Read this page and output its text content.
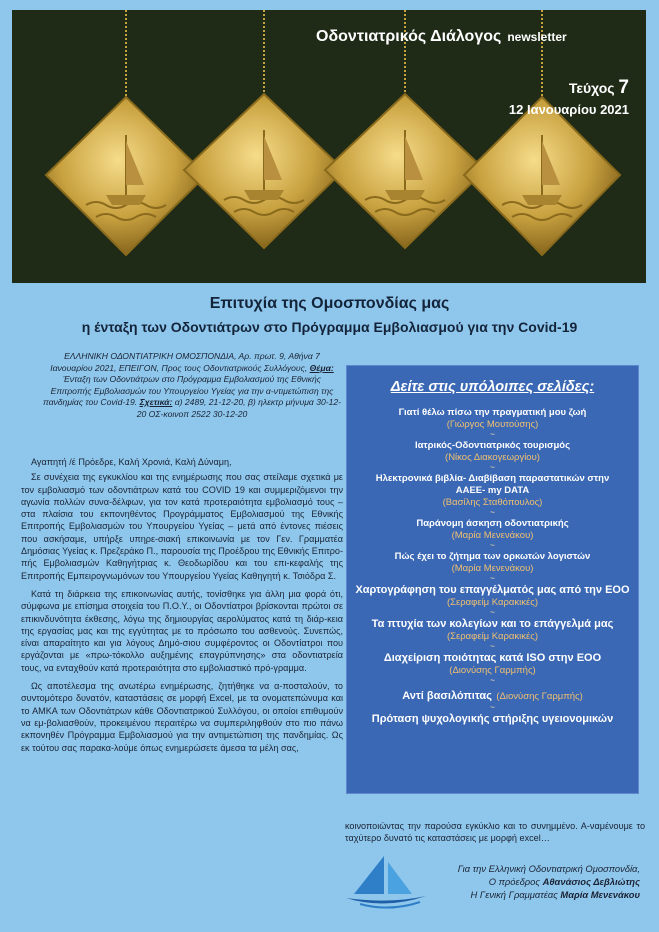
Οδοντιατρικός Διάλογος newsletter
Τεύχος 7
12 Ιανουαρίου 2021
Επιτυχία της Ομοσπονδίας μας
η ένταξη των Οδοντιάτρων στο Πρόγραμμα Εμβολιασμού για την Covid-19
ΕΛΛΗΝΙΚΗ ΟΔΟΝΤΙΑΤΡΙΚΗ ΟΜΟΣΠΟΝΔΙΑ, Αρ. πρωτ. 9, Αθήνα 7 Ιανουαρίου 2021, ΕΠΕΙΓΟΝ, Προς τους Οδοντιατρικούς Συλλόγους, Θέμα: Ένταξη των Οδοντιάτρων στο Πρόγραμμα Εμβολιασμού της Εθνικής Επιτροπής Εμβολιασμών του Υπουργείου Υγείας για την α-ντιμετώπιση της πανδημίας του Covid-19. Σχετικά: α) 2489, 21-12-20, β) ηλεκτρ μήνυμα 30-12-20 ΟΣ-κοινοπ 2522 30-12-20

Αγαπητή /έ Πρόεδρε, Καλή Χρονιά, Καλή Δύναμη,

Σε συνέχεια της εγκυκλίου και της ενημέρωσης που σας στείλαμε σχετικά με τον εμβολιασμό των οδοντιάτρων κατά του COVID 19 και συμμεριζόμενοι την αγωνία πολλών συνα-δέλφων, για τον κατά προτεραιότητα εμβολιασμό τους – στα πλαίσια του εκπονηθέντος Προγράμματος Εμβολιασμού της Εθνικής Επιτροπής Εμβολιασμών του Υπουργείου Υγείας – μετά από έντονες πιέσεις που ασκήσαμε, υπήρξε υπηρε-σιακή επικοινωνία με τον Γεν. Γραμματέα Δημόσιας Υγείας κ. Πρεζεράκο Π., παρουσία της Προέδρου της Εθνικής Επιτρο-πής Εμβολιασμών Καθηγήτριας κ. Θεοδωρίδου και του επι-κεφαλής της Επιτροπής Εμπειρογνωμόνων του Υπουργείου Υγείας Καθηγητή κ. Τσιόδρα Σ.

Κατά τη διάρκεια της επικοινωνίας αυτής, τονίσθηκε για άλλη μια φορά ότι, σύμφωνα με επίσημα στοιχεία του Π.Ο.Υ., οι Οδοντίατροι βρίσκονται πρώτοι σε επικινδυνότητα έκθεσης, λόγω της δημιουργίας αερολύματος κατά τη διάρ-κεια της εργασίας μας και της εγγύτητας με το πρόσωπο του ασθενούς. Συνεπώς, είναι απαραίτητο και για λόγους Δημό-σιου συμφέροντος οι Οδοντίατροι που εργάζονται με «πρω-τόκολλο αυξημένης επαγρύπνησης» στα οδοντιατρεία τους, να ενταχθούν κατά προτεραιότητα στο εμβολιαστικό πρό-γραμμα.

Ως αποτέλεσμα της ανωτέρω ενημέρωσης, ζητήθηκε να α-ποσταλούν, το συντομότερο δυνατόν, καταστάσεις σε μορφή Excel, με τα ονοματεπώνυμα και το ΑΜΚΑ των Οδοντιάτρων κάθε Οδοντιατρικού Συλλόγου, οι οποίοι επιθυμούν να εμ-βολιασθούν, προκειμένου περαιτέρω να συμπεριληφθούν στο πιο πάνω εκπονηθέν Πρόγραμμα Εμβολιασμού για την αντιμετώπιση της πανδημίας. Ως εκ τούτου σας παρακα-λούμε όπως ενημερώσετε άμεσα τα μέλη σας,

Δείτε στις υπόλοιπες σελίδες:
Γιατί θέλω πίσω την πραγματική μου ζωή
(Γιώργος Μουτούσης)
~
Ιατρικός-Οδοντιατρικός τουρισμός
(Νίκος Διακογεωργίου)
~
Ηλεκτρονικά βιβλία- Διαβίβαση παραστατικών στην ΑΑΕΕ- my DATA
(Βασίλης Σταθόπουλος)
~
Παράνομη άσκηση οδοντιατρικής
(Μαρία Μενενάκου)
~
Πώς έχει το ζήτημα των ορκωτών λογιστών
(Μαρία Μενενάκου)
~
Χαρτογράφηση του επαγγέλματός μας από την ΕΟΟ
(Σεραφείμ Καρακικές)
~
Τα πτυχία των κολεγίων και το επάγγελμά μας
(Σεραφείμ Καρακικές)
~
Διαχείριση ποιότητας κατά ISO στην ΕΟΟ
(Διονύσης Γαρμπής)
~
Αντί βασιλόπιτας (Διονύσης Γαρμπής)
~
Πρόταση ψυχολογικής στήριξης υγειονομικών
κοινοποιώντας την παρούσα εγκύκλιο και το συνημμένο. Α-ναμένουμε το ταχύτερο δυνατό τις καταστάσεις με μορφή excel…
Για την Ελληνική Οδοντιατρική Ομοσπονδία,
Ο πρόεδρος Αθανάσιος Δεβλιώτης
Η Γενική Γραμματέας Μαρία Μενενάκου
